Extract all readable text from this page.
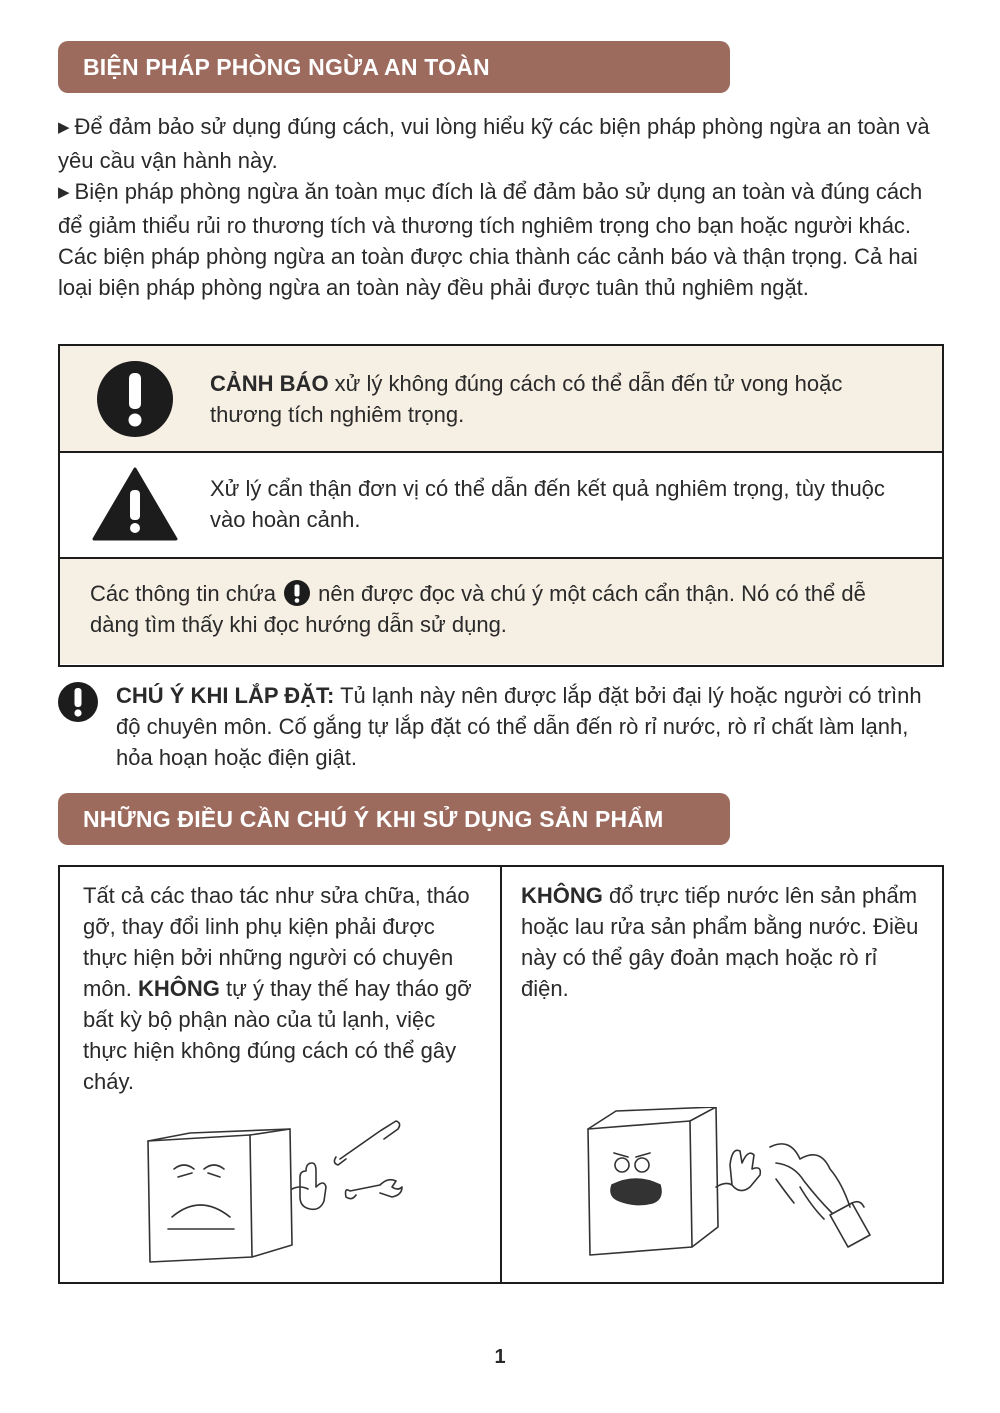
BIỆN PHÁP PHÒNG NGỪA AN TOÀN

▶ Để đảm bảo sử dụng đúng cách, vui lòng hiểu kỹ các biện pháp phòng ngừa an toàn và yêu cầu vận hành này.

▶ Biện pháp phòng ngừa ăn toàn mục đích là để đảm bảo sử dụng an toàn và đúng cách để giảm thiểu rủi ro thương tích và thương tích nghiêm trọng cho bạn hoặc người khác. Các biện pháp phòng ngừa an toàn được chia thành các cảnh báo và thận trọng. Cả hai loại biện pháp phòng ngừa an toàn này đều phải được tuân thủ nghiêm ngặt.

CẢNH BÁO xử lý không đúng cách có thể dẫn đến tử vong hoặc thương tích nghiêm trọng.
Xử lý cẩn thận đơn vị có thể dẫn đến kết quả nghiêm trọng, tùy thuộc vào hoàn cảnh.
Các thông tin chứa  nên được đọc và chú ý một cách cẩn thận. Nó có thể dễ dàng tìm thấy khi đọc hướng dẫn sử dụng.
CHÚ Ý KHI LẮP ĐẶT: Tủ lạnh này nên được lắp đặt bởi đại lý hoặc người có trình độ chuyên môn. Cố gắng tự lắp đặt có thể dẫn đến rò rỉ nước, rò rỉ chất làm lạnh, hỏa hoạn hoặc điện giật.
NHỮNG ĐIỀU CẦN CHÚ Ý KHI SỬ DỤNG SẢN PHẨM
Tất cả các thao tác như sửa chữa, tháo gỡ, thay đổi linh phụ kiện phải được thực hiện bởi những người có chuyên môn. KHÔNG tự ý thay thế hay tháo gỡ bất kỳ bộ phận nào của tủ lạnh, việc thực hiện không đúng cách có thể gây cháy.
KHÔNG đổ trực tiếp nước lên sản phẩm hoặc lau rửa sản phẩm bằng nước. Điều này có thể gây đoản mạch hoặc rò rỉ điện.
1
